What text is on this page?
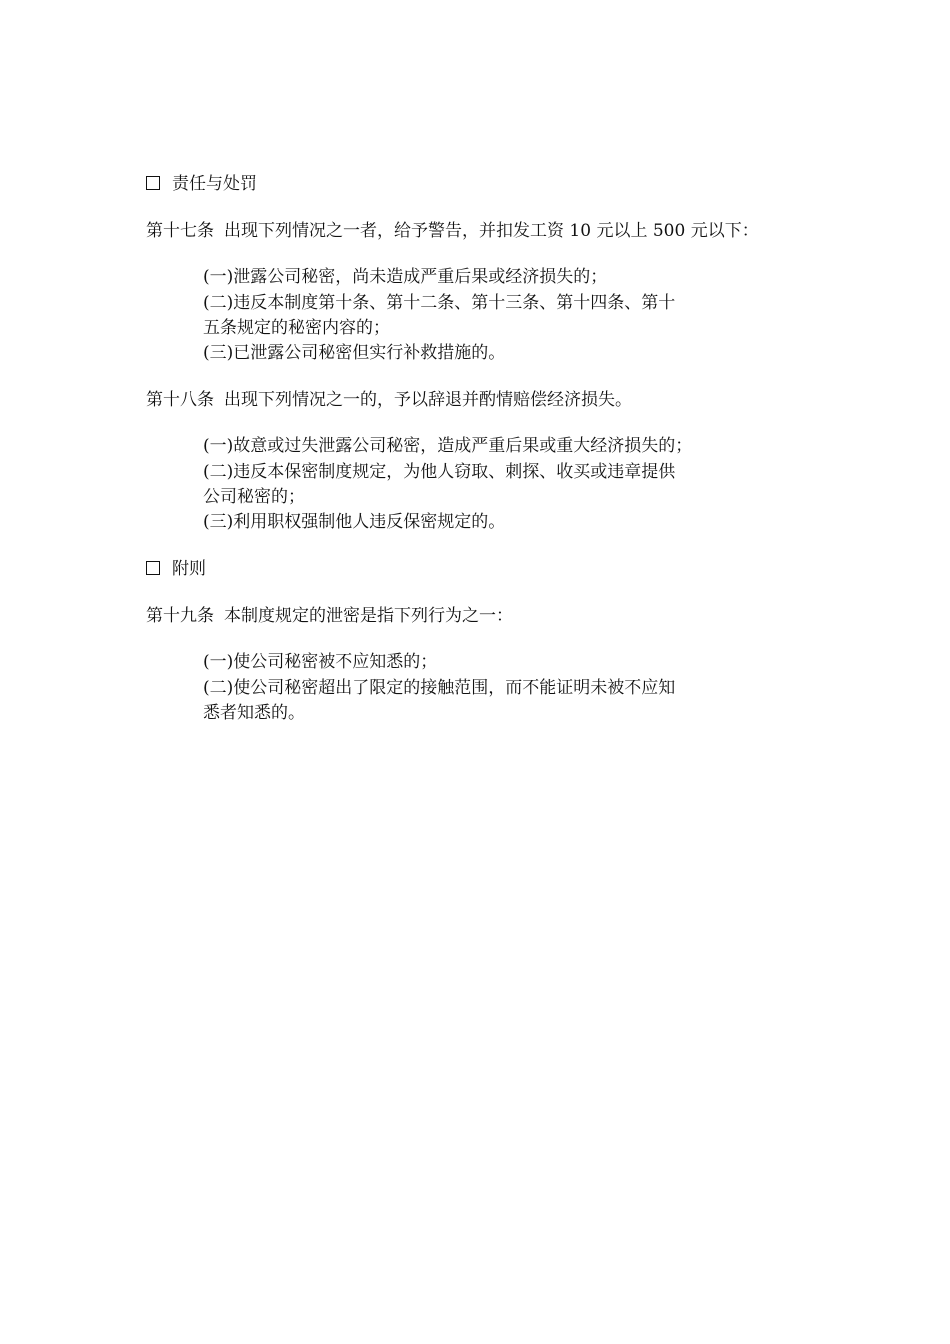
责任与处罚
第十七条 出现下列情况之一者，给予警告，并扣发工资 10 元以上 500 元以下：
(一)泄露公司秘密，尚未造成严重后果或经济损失的；
(二)违反本制度第十条、第十二条、第十三条、第十四条、第十
五条规定的秘密内容的；
(三)已泄露公司秘密但实行补救措施的。
第十八条 出现下列情况之一的，予以辞退并酌情赔偿经济损失。
(一)故意或过失泄露公司秘密，造成严重后果或重大经济损失的；
(二)违反本保密制度规定，为他人窃取、刺探、收买或违章提供
公司秘密的；
(三)利用职权强制他人违反保密规定的。
附则
第十九条 本制度规定的泄密是指下列行为之一：
(一)使公司秘密被不应知悉的；
(二)使公司秘密超出了限定的接触范围，而不能证明未被不应知
悉者知悉的。
